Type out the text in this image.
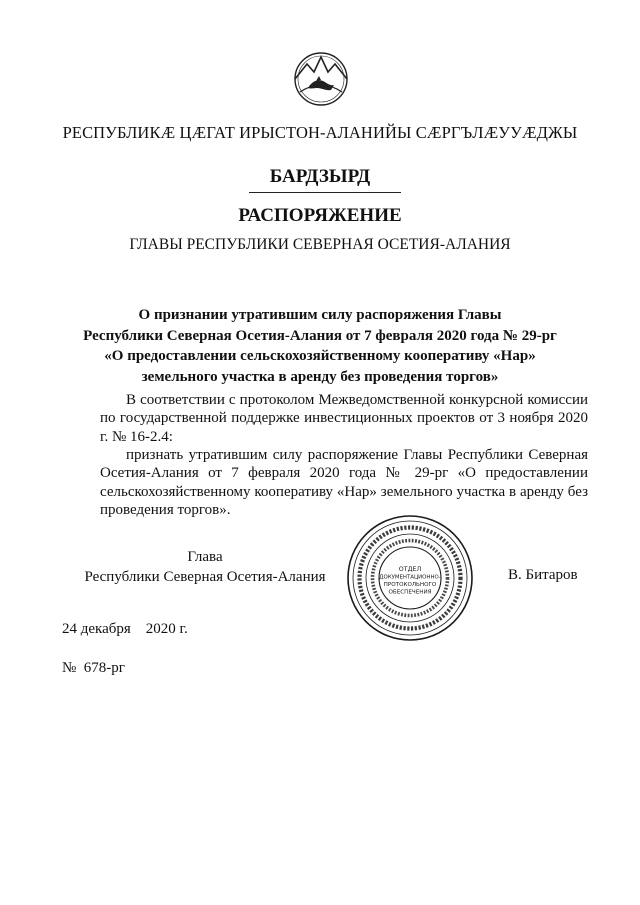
РЕСПУБЛИКӔ ЦӔГАТ ИРЫСТОН-АЛАНИЙЫ СӔРГЪЛӔУУӔДЖЫ
БАРДЗЫРД
РАСПОРЯЖЕНИЕ
ГЛАВЫ РЕСПУБЛИКИ СЕВЕРНАЯ ОСЕТИЯ-АЛАНИЯ
О признании утратившим силу распоряжения Главы
Республики Северная Осетия-Алания от 7 февраля 2020 года № 29-рг
«О предоставлении сельскохозяйственному кооперативу «Нар»
земельного участка в аренду без проведения торгов»
В соответствии с протоколом Межведомственной конкурсной комиссии по государственной поддержке инвестиционных проектов от 3 ноября 2020 г. № 16-2.4:
признать утратившим силу распоряжение Главы Республики Северная Осетия-Алания от 7 февраля 2020 года № 29-рг «О предоставлении сельскохозяйственному кооперативу «Нар» земельного участка в аренду без проведения торгов».
Глава
Республики Северная Осетия-Алания	ОТДЕЛ
ДОКУМЕНТАЦИОННО-
ПРОТОКОЛЬНОГО
ОБЕСПЕЧЕНИЯ
В. Битаров
24 декабря    2020 г.
№  678-рг
